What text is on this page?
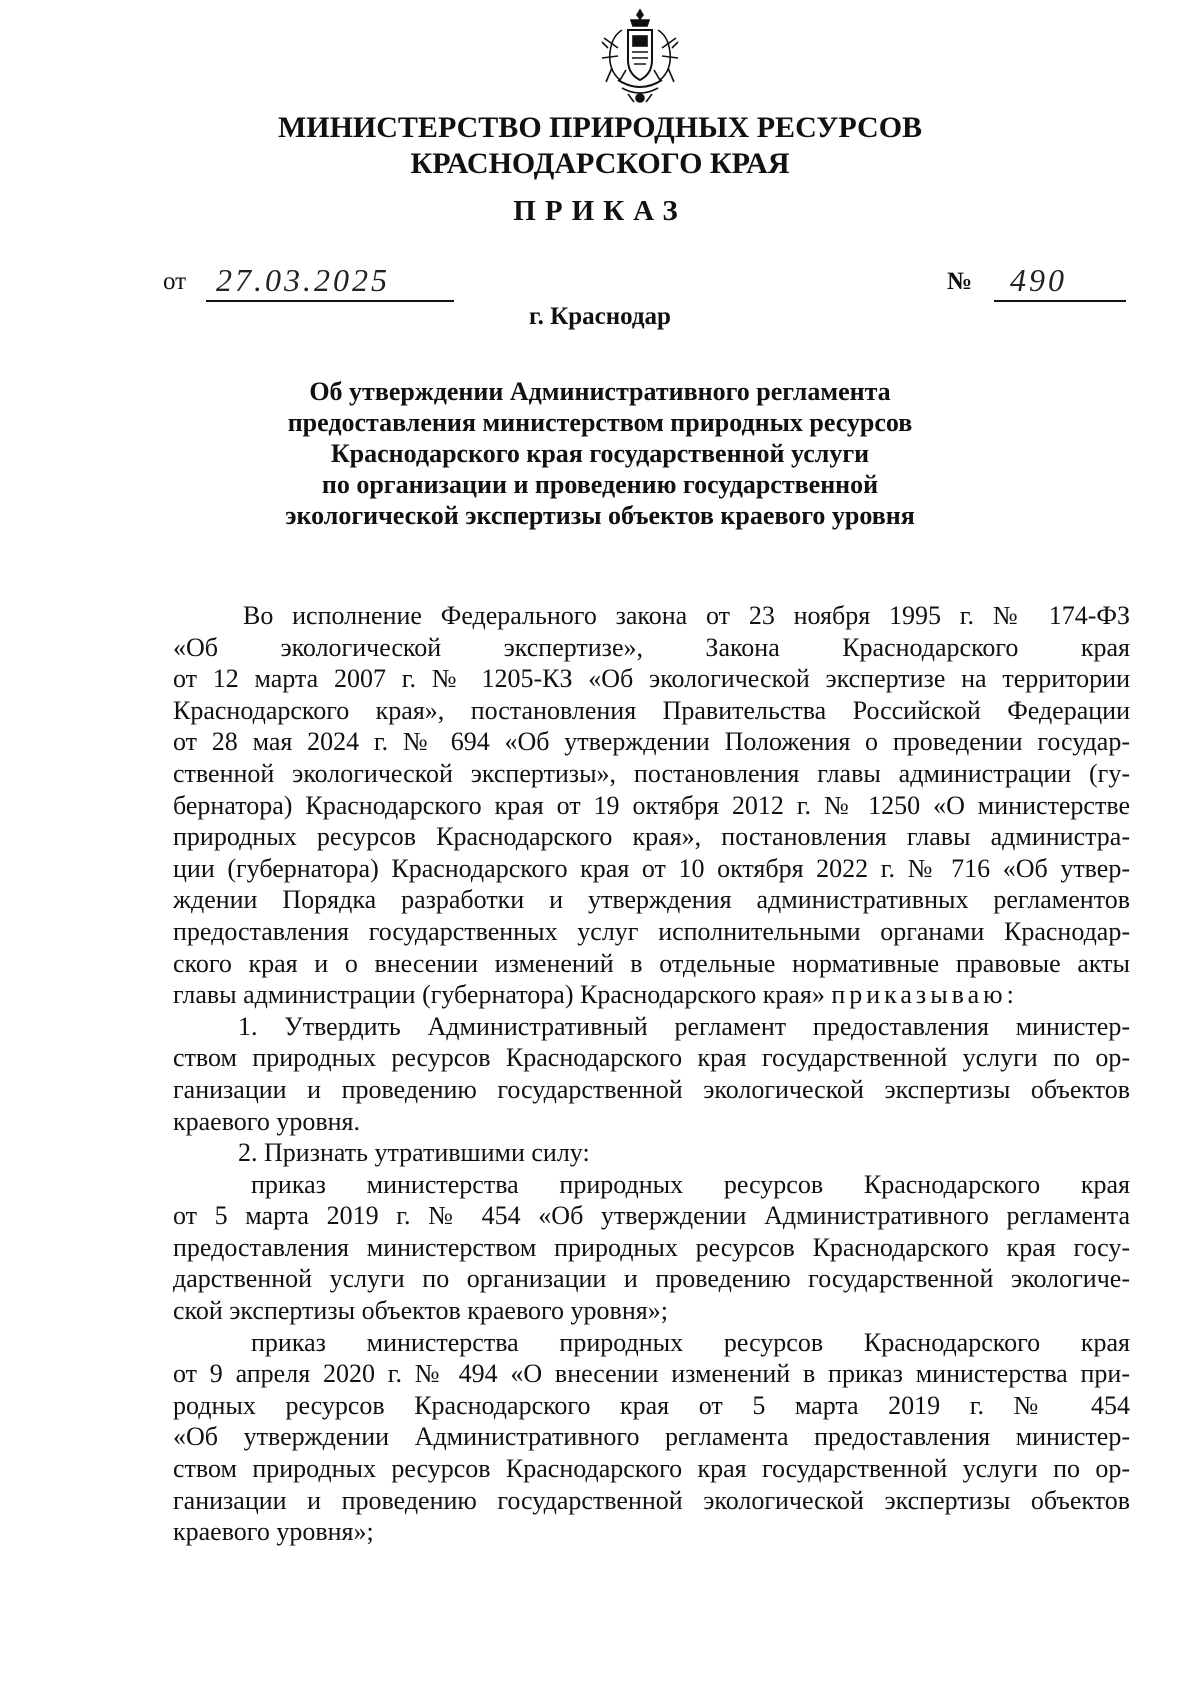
МИНИСТЕРСТВО ПРИРОДНЫХ РЕСУРСОВ
КРАСНОДАРСКОГО КРАЯ
ПРИКАЗ
от 27.03.2025	№ 490
г. Краснодар
Об утверждении Административного регламента
предоставления министерством природных ресурсов
Краснодарского края государственной услуги
по организации и проведению государственной
экологической экспертизы объектов краевого уровня
Во исполнение Федерального закона от 23 ноября 1995 г. № 174-ФЗ
«Об экологической экспертизе», Закона Краснодарского края
от 12 марта 2007 г. № 1205-КЗ «Об экологической экспертизе на территории
Краснодарского края», постановления Правительства Российской Федерации
от 28 мая 2024 г. № 694 «Об утверждении Положения о проведении государ-
ственной экологической экспертизы», постановления главы администрации (гу-
бернатора) Краснодарского края от 19 октября 2012 г. № 1250 «О министерстве
природных ресурсов Краснодарского края», постановления главы администра-
ции (губернатора) Краснодарского края от 10 октября 2022 г. № 716 «Об утвер-
ждении Порядка разработки и утверждения административных регламентов
предоставления государственных услуг исполнительными органами Краснодар-
ского края и о внесении изменений в отдельные нормативные правовые акты
главы администрации (губернатора) Краснодарского края» приказываю:
1. Утвердить Административный регламент предоставления министер-
ством природных ресурсов Краснодарского края государственной услуги по ор-
ганизации и проведению государственной экологической экспертизы объектов
краевого уровня.
2. Признать утратившими силу:
приказ министерства природных ресурсов Краснодарского края
от 5 марта 2019 г. № 454 «Об утверждении Административного регламента
предоставления министерством природных ресурсов Краснодарского края госу-
дарственной услуги по организации и проведению государственной экологиче-
ской экспертизы объектов краевого уровня»;
приказ министерства природных ресурсов Краснодарского края
от 9 апреля 2020 г. № 494 «О внесении изменений в приказ министерства при-
родных ресурсов Краснодарского края от 5 марта 2019 г. № 454
«Об утверждении Административного регламента предоставления министер-
ством природных ресурсов Краснодарского края государственной услуги по ор-
ганизации и проведению государственной экологической экспертизы объектов
краевого уровня»;
